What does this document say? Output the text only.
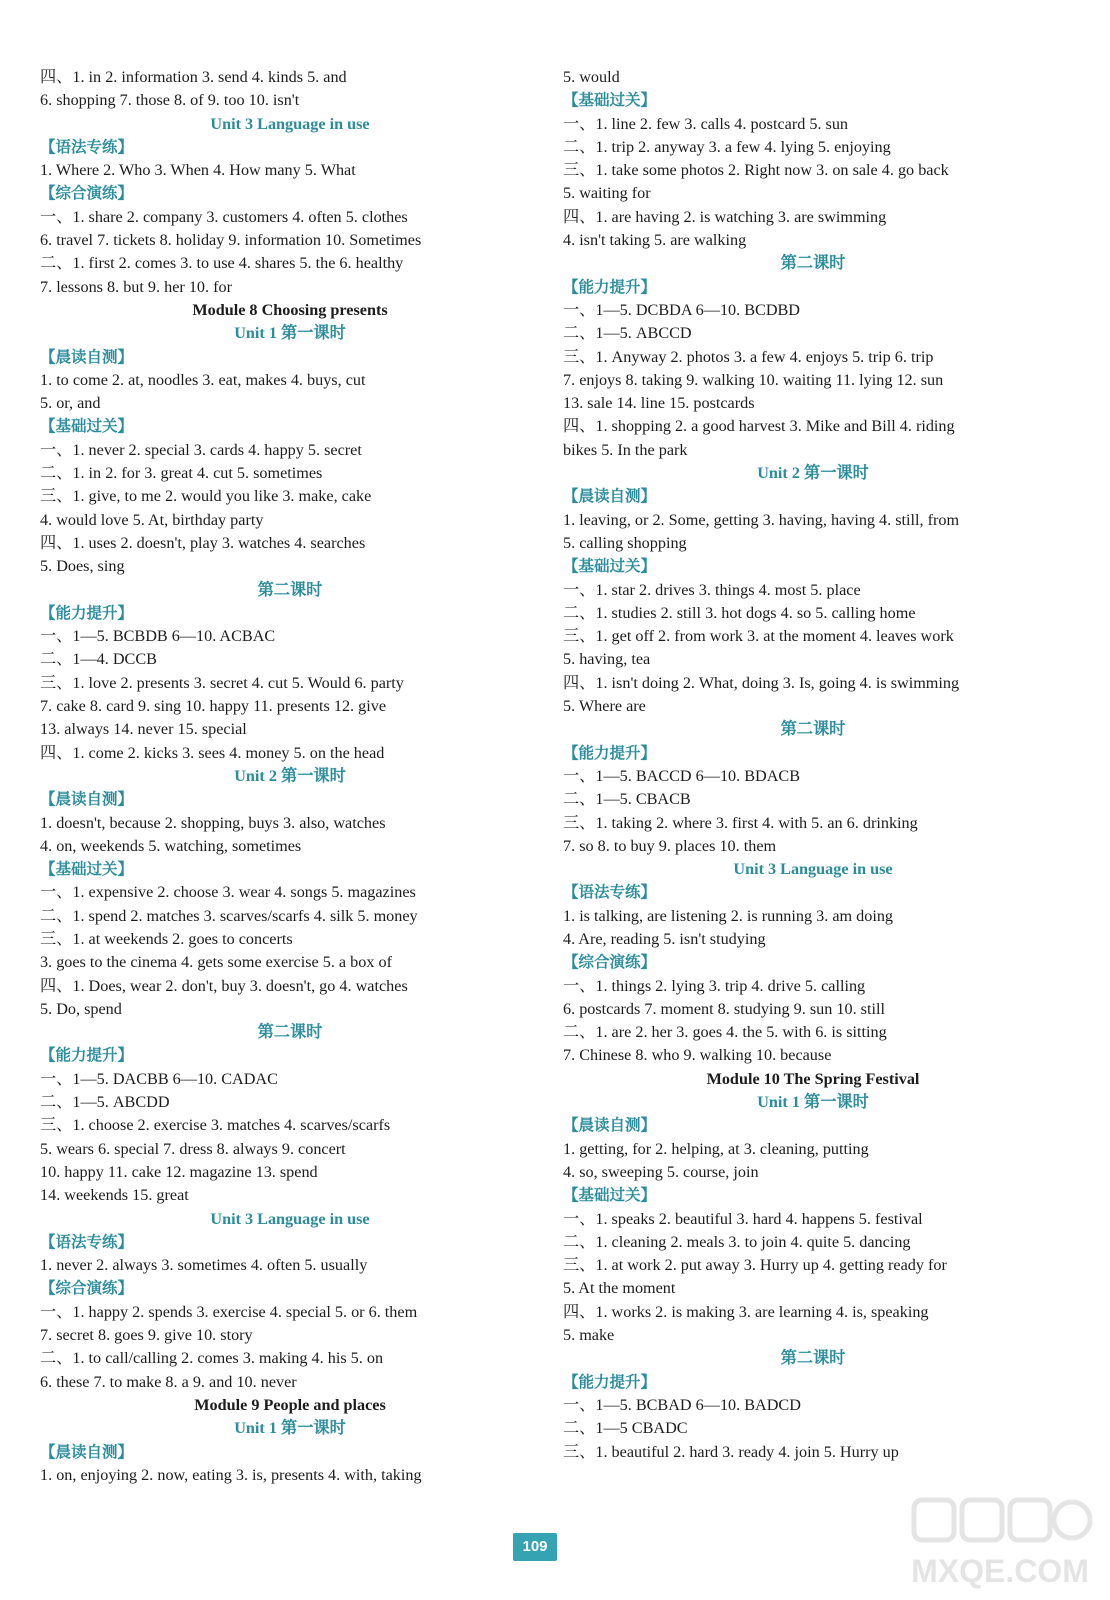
四、1. in 2. information 3. send 4. kinds 5. and
6. shopping 7. those 8. of 9. too 10. isn't
Unit 3 Language in use
【语法专练】
1. Where 2. Who 3. When 4. How many 5. What
【综合演练】
一、1. share 2. company 3. customers 4. often 5. clothes
6. travel 7. tickets 8. holiday 9. information 10. Sometimes
二、1. first 2. comes 3. to use 4. shares 5. the 6. healthy
7. lessons 8. but 9. her 10. for
Module 8 Choosing presents
Unit 1 第一课时
【晨读自测】
1. to come 2. at, noodles 3. eat, makes 4. buys, cut
5. or, and
【基础过关】
一、1. never 2. special 3. cards 4. happy 5. secret
二、1. in 2. for 3. great 4. cut 5. sometimes
三、1. give, to me 2. would you like 3. make, cake
4. would love 5. At, birthday party
四、1. uses 2. doesn't, play 3. watches 4. searches
5. Does, sing
第二课时
【能力提升】
一、1—5. BCBDB 6—10. ACBAC
二、1—4. DCCB
三、1. love 2. presents 3. secret 4. cut 5. Would 6. party
7. cake 8. card 9. sing 10. happy 11. presents 12. give
13. always 14. never 15. special
四、1. come 2. kicks 3. sees 4. money 5. on the head
Unit 2 第一课时
【晨读自测】
1. doesn't, because 2. shopping, buys 3. also, watches
4. on, weekends 5. watching, sometimes
【基础过关】
一、1. expensive 2. choose 3. wear 4. songs 5. magazines
二、1. spend 2. matches 3. scarves/scarfs 4. silk 5. money
三、1. at weekends 2. goes to concerts
3. goes to the cinema 4. gets some exercise 5. a box of
四、1. Does, wear 2. don't, buy 3. doesn't, go 4. watches
5. Do, spend
第二课时
【能力提升】
一、1—5. DACBB 6—10. CADAC
二、1—5. ABCDD
三、1. choose 2. exercise 3. matches 4. scarves/scarfs
5. wears 6. special 7. dress 8. always 9. concert
10. happy 11. cake 12. magazine 13. spend
14. weekends 15. great
Unit 3 Language in use
【语法专练】
1. never 2. always 3. sometimes 4. often 5. usually
【综合演练】
一、1. happy 2. spends 3. exercise 4. special 5. or 6. them
7. secret 8. goes 9. give 10. story
二、1. to call/calling 2. comes 3. making 4. his 5. on
6. these 7. to make 8. a 9. and 10. never
Module 9 People and places
Unit 1 第一课时
【晨读自测】
1. on, enjoying 2. now, eating 3. is, presents 4. with, taking
5. would
【基础过关】
一、1. line 2. few 3. calls 4. postcard 5. sun
二、1. trip 2. anyway 3. a few 4. lying 5. enjoying
三、1. take some photos 2. Right now 3. on sale 4. go back
5. waiting for
四、1. are having 2. is watching 3. are swimming
4. isn't taking 5. are walking
第二课时
【能力提升】
一、1—5. DCBDA 6—10. BCDBD
二、1—5. ABCCD
三、1. Anyway 2. photos 3. a few 4. enjoys 5. trip 6. trip
7. enjoys 8. taking 9. walking 10. waiting 11. lying 12. sun
13. sale 14. line 15. postcards
四、1. shopping 2. a good harvest 3. Mike and Bill 4. riding
bikes 5. In the park
Unit 2 第一课时
【晨读自测】
1. leaving, or 2. Some, getting 3. having, having 4. still, from
5. calling shopping
【基础过关】
一、1. star 2. drives 3. things 4. most 5. place
二、1. studies 2. still 3. hot dogs 4. so 5. calling home
三、1. get off 2. from work 3. at the moment 4. leaves work
5. having, tea
四、1. isn't doing 2. What, doing 3. Is, going 4. is swimming
5. Where are
第二课时
【能力提升】
一、1—5. BACCD 6—10. BDACB
二、1—5. CBACB
三、1. taking 2. where 3. first 4. with 5. an 6. drinking
7. so 8. to buy 9. places 10. them
Unit 3 Language in use
【语法专练】
1. is talking, are listening 2. is running 3. am doing
4. Are, reading 5. isn't studying
【综合演练】
一、1. things 2. lying 3. trip 4. drive 5. calling
6. postcards 7. moment 8. studying 9. sun 10. still
二、1. are 2. her 3. goes 4. the 5. with 6. is sitting
7. Chinese 8. who 9. walking 10. because
Module 10 The Spring Festival
Unit 1 第一课时
【晨读自测】
1. getting, for 2. helping, at 3. cleaning, putting
4. so, sweeping 5. course, join
【基础过关】
一、1. speaks 2. beautiful 3. hard 4. happens 5. festival
二、1. cleaning 2. meals 3. to join 4. quite 5. dancing
三、1. at work 2. put away 3. Hurry up 4. getting ready for
5. At the moment
四、1. works 2. is making 3. are learning 4. is, speaking
5. make
第二课时
【能力提升】
一、1—5. BCBAD 6—10. BADCD
二、1—5 CBADC
三、1. beautiful 2. hard 3. ready 4. join 5. Hurry up
109
MXQE.COM
